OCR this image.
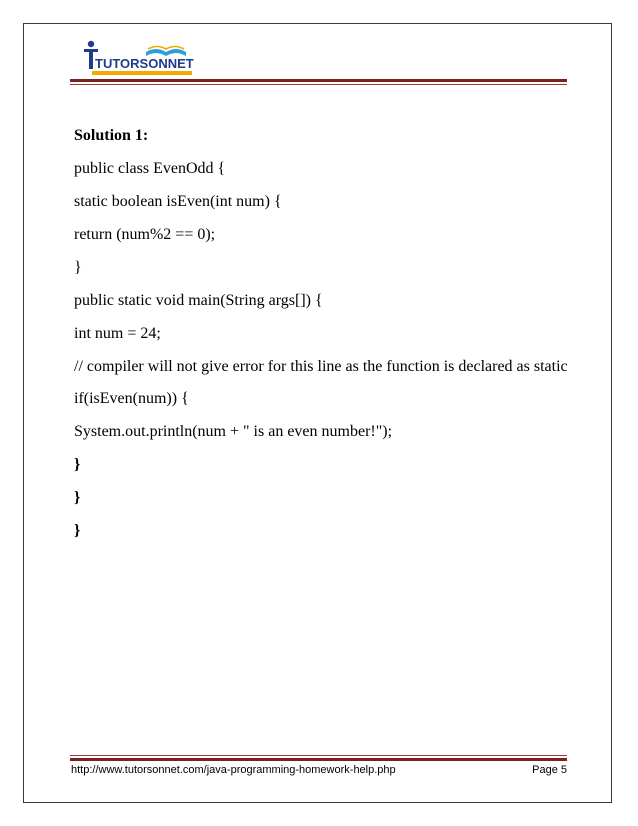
TUTORSONNET
Solution 1:
public class EvenOdd {
static boolean isEven(int num) {
return (num%2 == 0);
}
public static void main(String args[]) {
int num = 24;
// compiler will not give error for this line as the function is declared as static
if(isEven(num)) {
System.out.println(num + " is an even number!");
}
}
}
http://www.tutorsonnet.com/java-programming-homework-help.php	Page 5
